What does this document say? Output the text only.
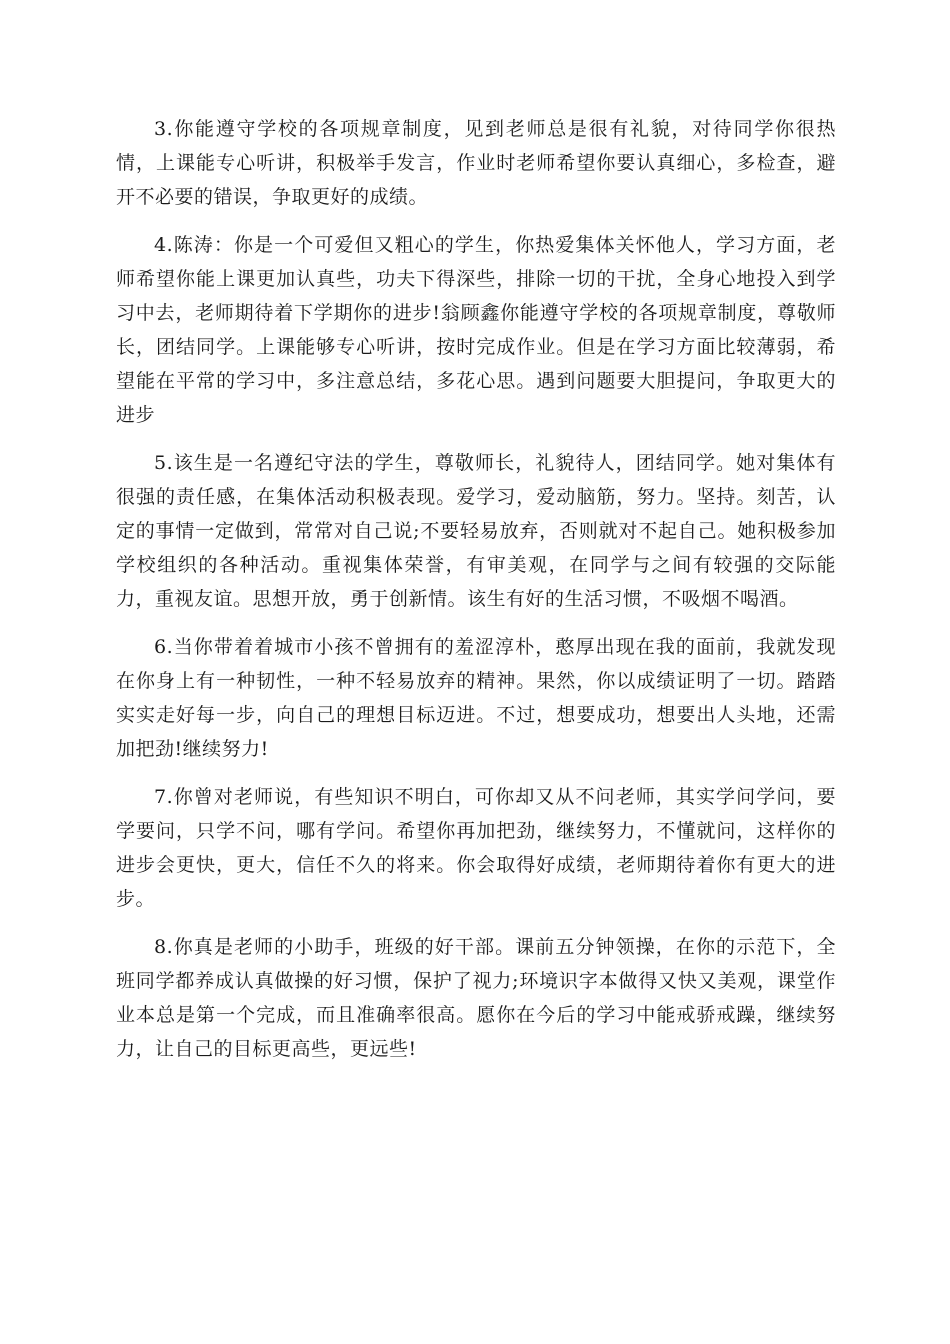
3.你能遵守学校的各项规章制度，见到老师总是很有礼貌，对待同学你很热情，上课能专心听讲，积极举手发言，作业时老师希望你要认真细心，多检查，避开不必要的错误，争取更好的成绩。

4.陈涛：你是一个可爱但又粗心的学生，你热爱集体关怀他人，学习方面，老师希望你能上课更加认真些，功夫下得深些，排除一切的干扰，全身心地投入到学习中去，老师期待着下学期你的进步!翁顾鑫你能遵守学校的各项规章制度，尊敬师长，团结同学。上课能够专心听讲，按时完成作业。但是在学习方面比较薄弱，希望能在平常的学习中，多注意总结，多花心思。遇到问题要大胆提问，争取更大的进步

5.该生是一名遵纪守法的学生，尊敬师长，礼貌待人，团结同学。她对集体有很强的责任感，在集体活动积极表现。爱学习，爱动脑筋，努力。坚持。刻苦，认定的事情一定做到，常常对自己说;不要轻易放弃，否则就对不起自己。她积极参加学校组织的各种活动。重视集体荣誉，有审美观，在同学与之间有较强的交际能力，重视友谊。思想开放，勇于创新情。该生有好的生活习惯，不吸烟不喝酒。

6.当你带着着城市小孩不曾拥有的羞涩淳朴，憨厚出现在我的面前，我就发现在你身上有一种韧性，一种不轻易放弃的精神。果然，你以成绩证明了一切。踏踏实实走好每一步，向自己的理想目标迈进。不过，想要成功，想要出人头地，还需加把劲!继续努力!

7.你曾对老师说，有些知识不明白，可你却又从不问老师，其实学问学问，要学要问，只学不问，哪有学问。希望你再加把劲，继续努力，不懂就问，这样你的进步会更快，更大，信任不久的将来。你会取得好成绩，老师期待着你有更大的进步。

8.你真是老师的小助手，班级的好干部。课前五分钟领操，在你的示范下，全班同学都养成认真做操的好习惯，保护了视力;环境识字本做得又快又美观，课堂作业本总是第一个完成，而且准确率很高。愿你在今后的学习中能戒骄戒躁，继续努力，让自己的目标更高些，更远些!
